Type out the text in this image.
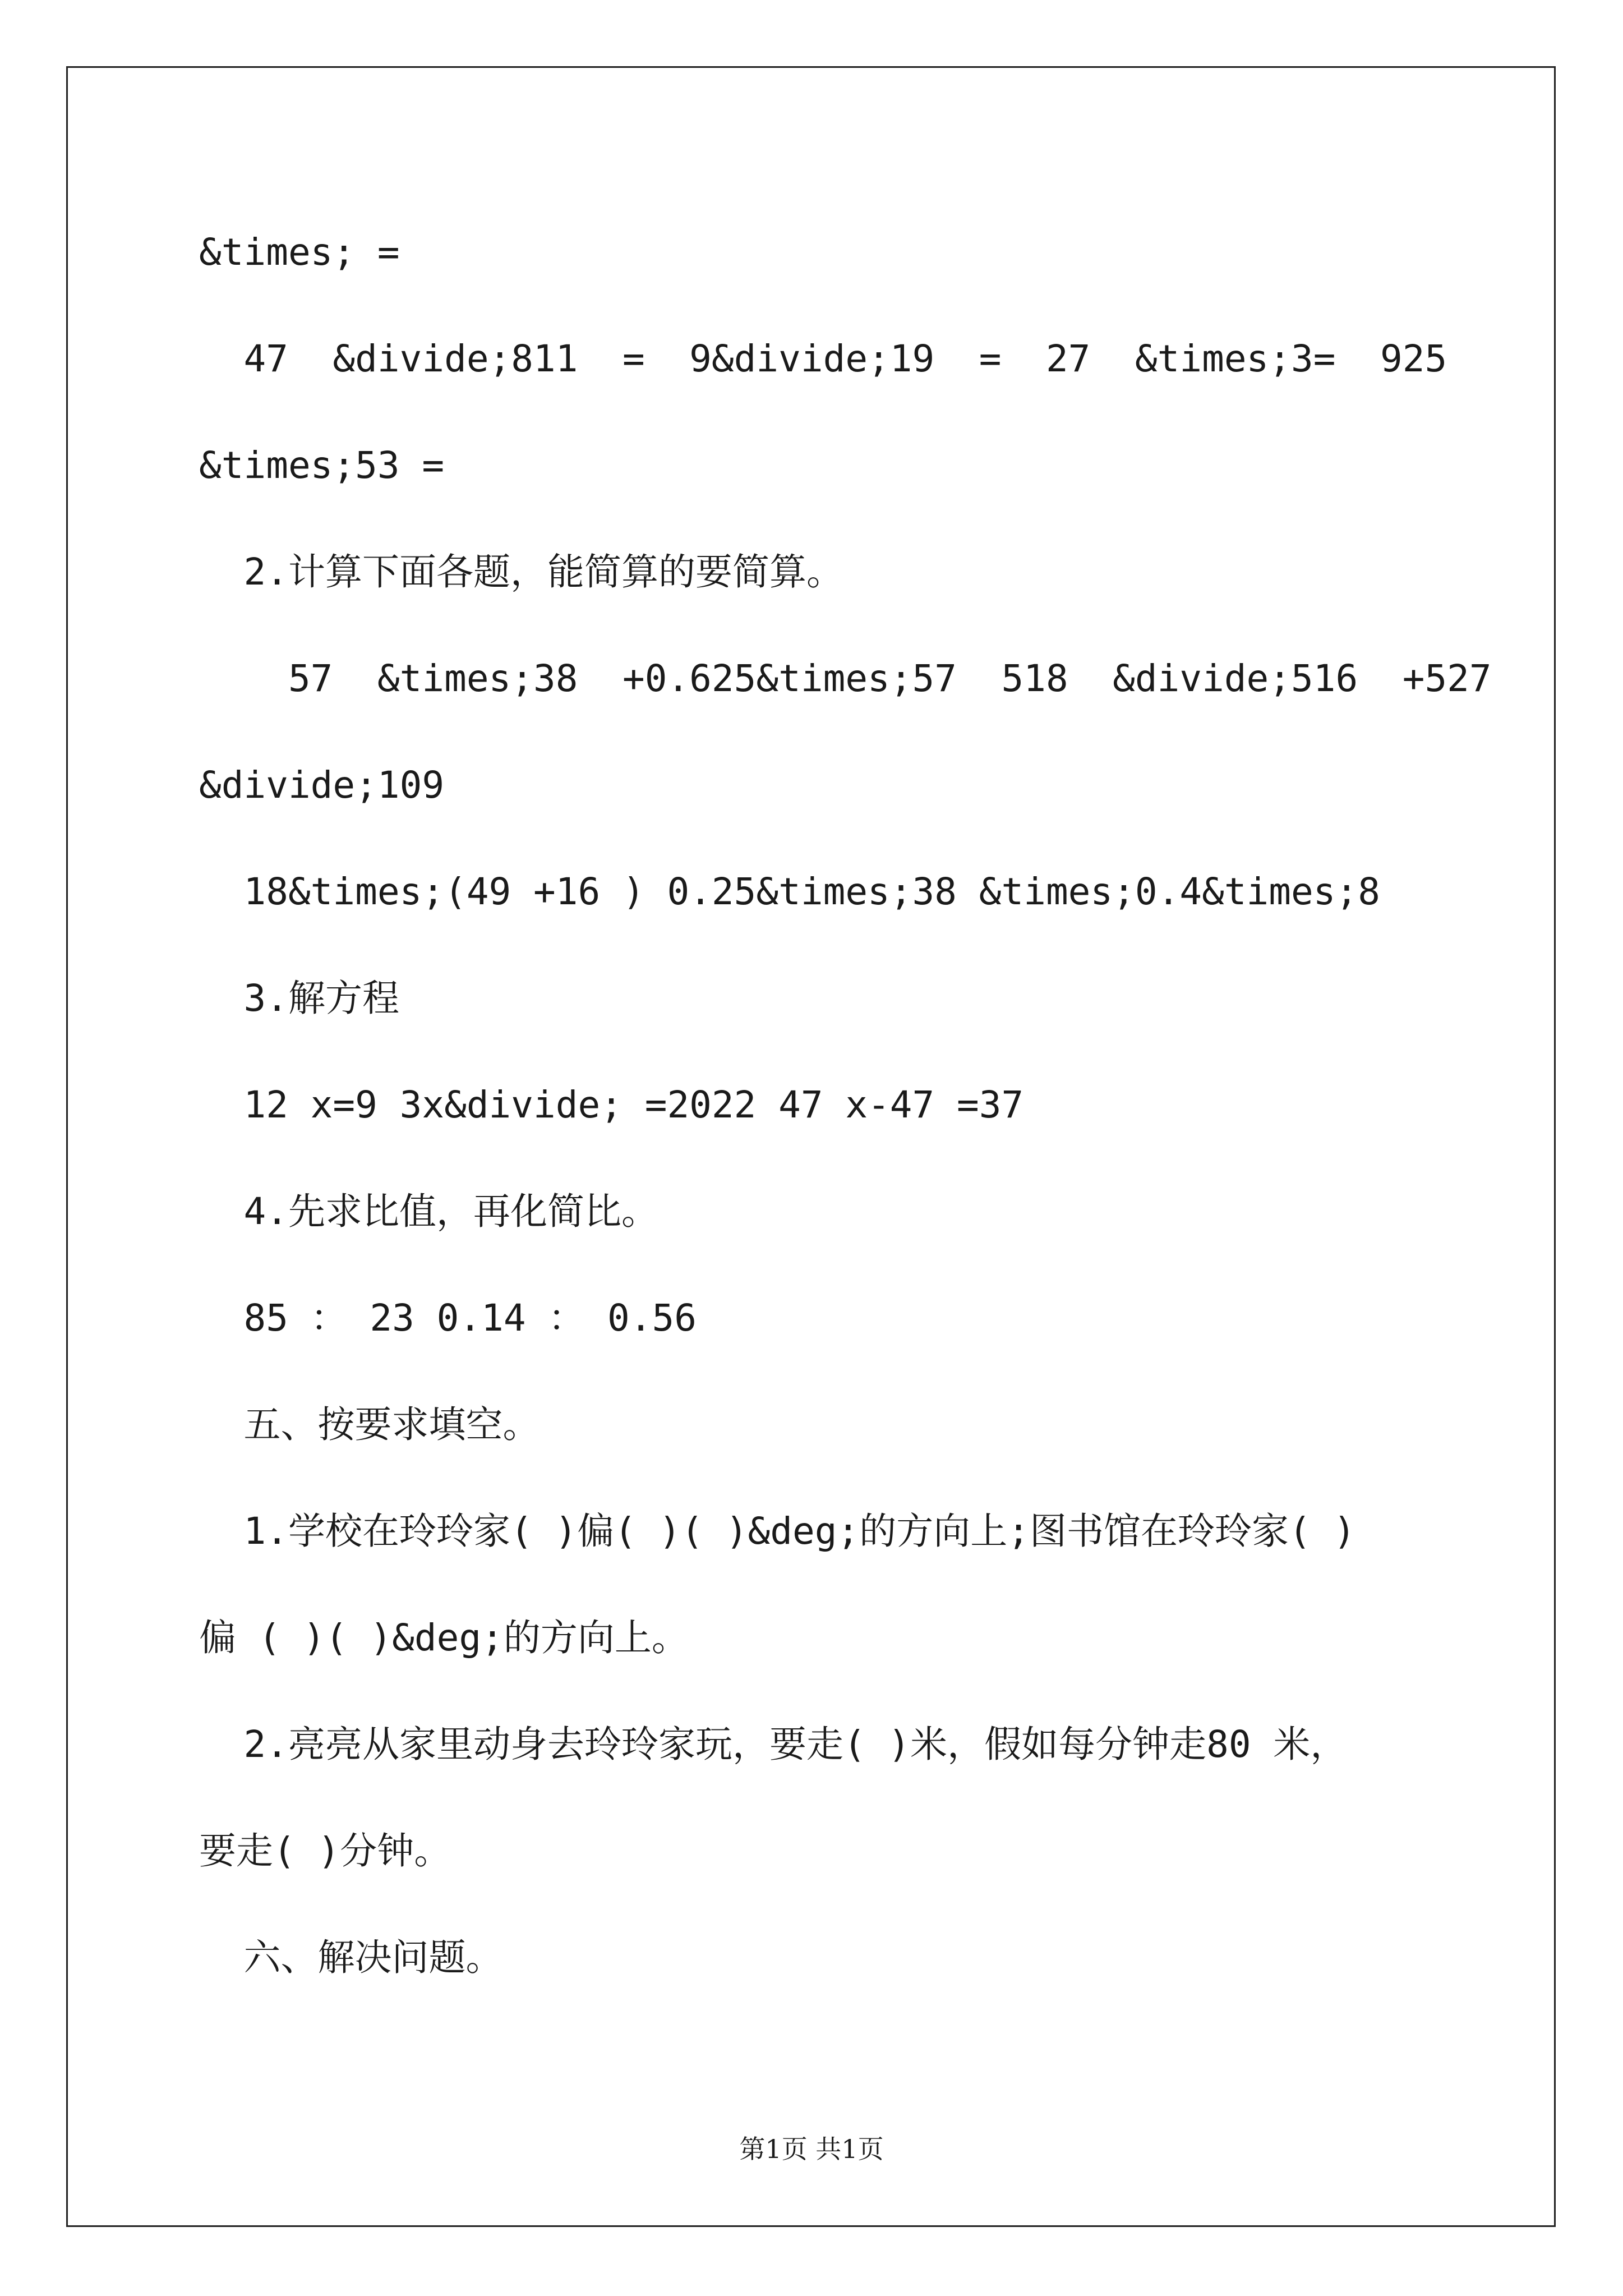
&times; =
47  &divide;811  =  9&divide;19  =  27  &times;3=  925
&times;53 =
2.计算下面各题，能简算的要简算。
57  &times;38  +0.625&times;57  518  &divide;516  +527
&divide;109
18&times;(49 +16 ) 0.25&times;38 &times;0.4&times;8
3.解方程
12 x=9 3x&divide; =2022 47 x-47 =37
4.先求比值，再化简比。
85 ： 23 0.14 ： 0.56
五、按要求填空。
1.学校在玲玲家( )偏( )( )&deg;的方向上;图书馆在玲玲家( )
偏 ( )( )&deg;的方向上。
2.亮亮从家里动身去玲玲家玩，要走( )米，假如每分钟走80 米，
要走( )分钟。
六、解决问题。
第1页 共1页
